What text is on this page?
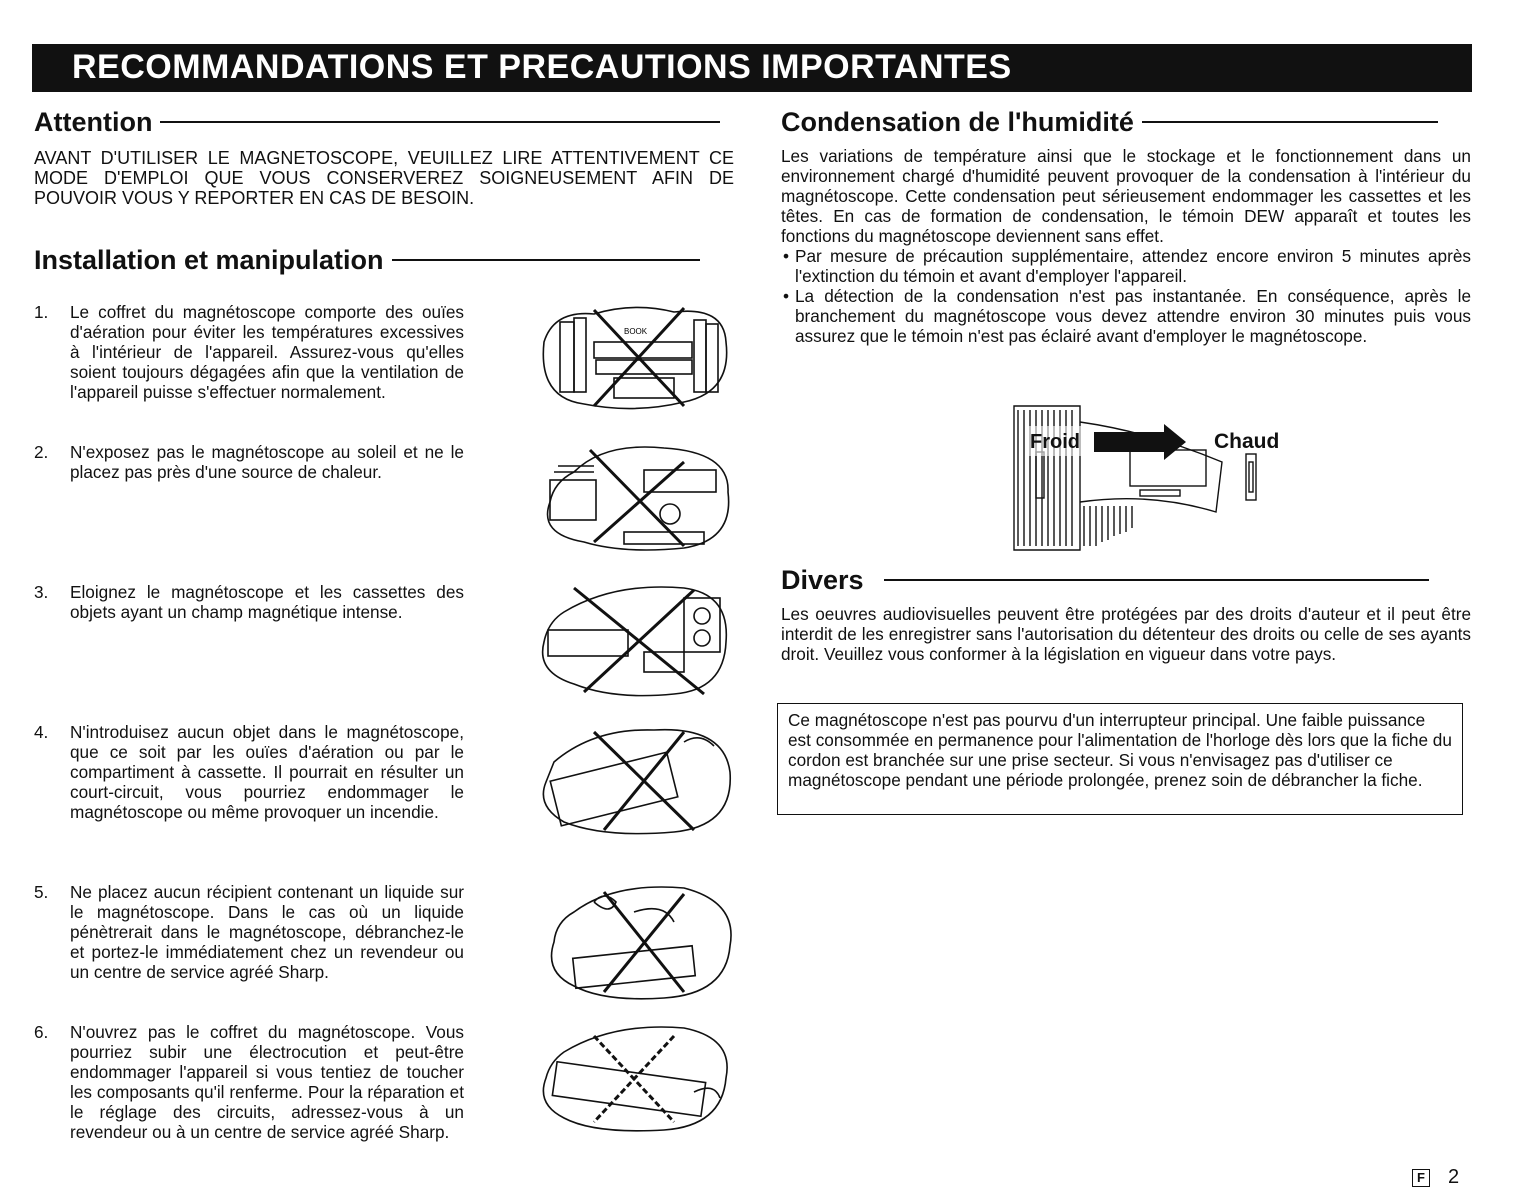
RECOMMANDATIONS ET PRECAUTIONS IMPORTANTES
Attention

AVANT D'UTILISER LE MAGNETOSCOPE, VEUILLEZ LIRE ATTENTIVEMENT CE MODE D'EMPLOI QUE VOUS CONSERVEREZ SOIGNEUSEMENT AFIN DE POUVOIR VOUS Y REPORTER EN CAS DE BESOIN.

Installation et manipulation
1. Le coffret du magnétoscope comporte des ouïes d'aération pour éviter les températures excessives à l'intérieur de l'appareil. Assurez-vous qu'elles soient toujours dégagées afin que la ventilation de l'appareil puisse s'effectuer normalement.
BOOK
2. N'exposez pas le magnétoscope au soleil et ne le placez pas près d'une source de chaleur.
3. Eloignez le magnétoscope et les cassettes des objets ayant un champ magnétique intense.
4. N'introduisez aucun objet dans le magnétoscope, que ce soit par les ouïes d'aération ou par le compartiment à cassette. Il pourrait en résulter un court-circuit, vous pourriez endommager le magnétoscope ou même provoquer un incendie.
5. Ne placez aucun récipient contenant un liquide sur le magnétoscope. Dans le cas où un liquide pénètrerait dans le magnétoscope, débranchez-le et portez-le immédiatement chez un revendeur ou un centre de service agréé Sharp.
6. N'ouvrez pas le coffret du magnétoscope. Vous pourriez subir une électrocution et peut-être endommager l'appareil si vous tentiez de toucher les composants qu'il renferme. Pour la réparation et le réglage des circuits, adressez-vous à un revendeur ou à un centre de service agréé Sharp.
Condensation de l'humidité

Les variations de température ainsi que le stockage et le fonctionnement dans un environnement chargé d'humidité peuvent provoquer de la condensation à l'intérieur du magnétoscope. Cette condensation peut sérieusement endommager les cassettes et les têtes. En cas de formation de condensation, le témoin DEW apparaît et toutes les fonctions du magnétoscope deviennent sans effet.

• Par mesure de précaution supplémentaire, attendez encore environ 5 minutes après l'extinction du témoin et avant d'employer l'appareil.
• La détection de la condensation n'est pas instantanée. En conséquence, après le branchement du magnétoscope vous devez attendre environ 30 minutes puis vous assurez que le témoin n'est pas éclairé avant d'employer le magnétoscope.
Froid	Chaud
Divers

Les oeuvres audiovisuelles peuvent être protégées par des droits d'auteur et il peut être interdit de les enregistrer sans l'autorisation du détenteur des droits ou celle de ses ayants droit. Veuillez vous conformer à la législation en vigueur dans votre pays.

Ce magnétoscope n'est pas pourvu d'un interrupteur principal. Une faible puissance est consommée en permanence pour l'alimentation de l'horloge dès lors que la fiche du cordon est branchée sur une prise secteur. Si vous n'envisagez pas d'utiliser ce magnétoscope pendant une période prolongée, prenez soin de débrancher la fiche.
F 2
